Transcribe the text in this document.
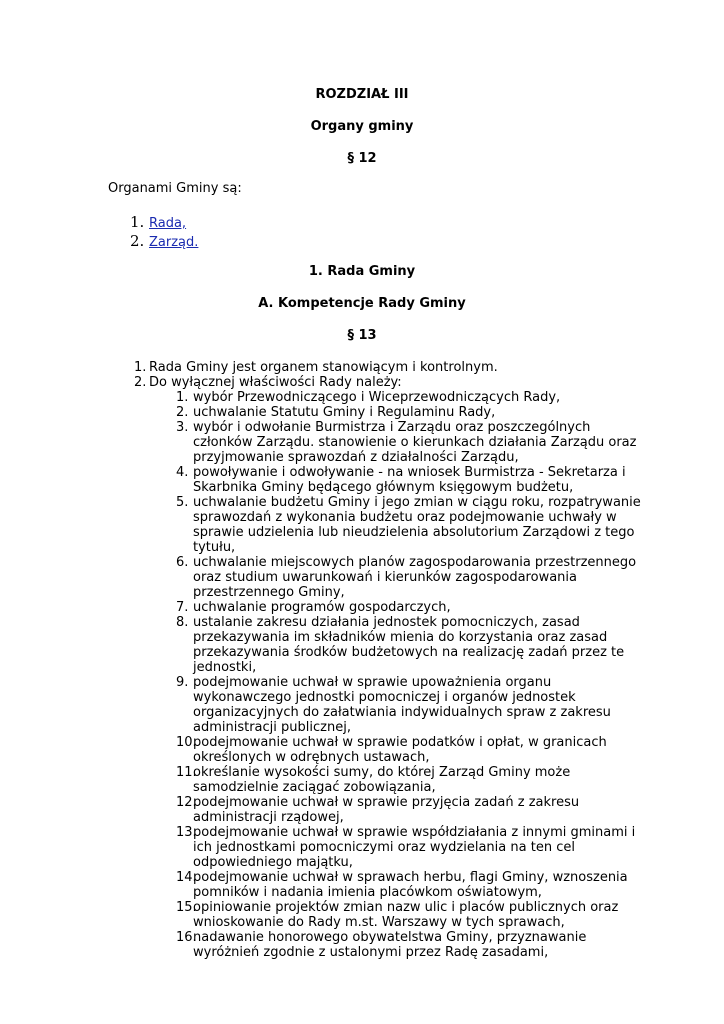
ROZDZIAŁ III

Organy gminy

§ 12

Organami Gminy są:

1. Rada,
2. Zarząd.

1. Rada Gminy

A. Kompetencje Rady Gminy

§ 13

1. Rada Gminy jest organem stanowiącym i kontrolnym.
2. Do wyłącznej właściwości Rady należy:
1. wybór Przewodniczącego i Wiceprzewodniczących Rady,
2. uchwalanie Statutu Gminy i Regulaminu Rady,
3. wybór i odwołanie Burmistrza i Zarządu oraz poszczególnych
członków Zarządu. stanowienie o kierunkach działania Zarządu oraz
przyjmowanie sprawozdań z działalności Zarządu,
4. powoływanie i odwoływanie - na wniosek Burmistrza - Sekretarza i
Skarbnika Gminy będącego głównym księgowym budżetu,
5. uchwalanie budżetu Gminy i jego zmian w ciągu roku, rozpatrywanie
sprawozdań z wykonania budżetu oraz podejmowanie uchwały w
sprawie udzielenia lub nieudzielenia absolutorium Zarządowi z tego
tytułu,
6. uchwalanie miejscowych planów zagospodarowania przestrzennego
oraz studium uwarunkowań i kierunków zagospodarowania
przestrzennego Gminy,
7. uchwalanie programów gospodarczych,
8. ustalanie zakresu działania jednostek pomocniczych, zasad
przekazywania im składników mienia do korzystania oraz zasad
przekazywania środków budżetowych na realizację zadań przez te
jednostki,
9. podejmowanie uchwał w sprawie upoważnienia organu
wykonawczego jednostki pomocniczej i organów jednostek
organizacyjnych do załatwiania indywidualnych spraw z zakresu
administracji publicznej,
10.
podejmowanie uchwał w sprawie podatków i opłat, w granicach
określonych w odrębnych ustawach,
11.
określanie wysokości sumy, do której Zarząd Gminy może
samodzielnie zaciągać zobowiązania,
12.
podejmowanie uchwał w sprawie przyjęcia zadań z zakresu
administracji rządowej,
13.
podejmowanie uchwał w sprawie współdziałania z innymi gminami i
ich jednostkami pomocniczymi oraz wydzielania na ten cel
odpowiedniego majątku,
14.
podejmowanie uchwał w sprawach herbu, flagi Gminy, wznoszenia
pomników i nadania imienia placówkom oświatowym,
15.
opiniowanie projektów zmian nazw ulic i placów publicznych oraz
wnioskowanie do Rady m.st. Warszawy w tych sprawach,
16.
nadawanie honorowego obywatelstwa Gminy, przyznawanie
wyróżnień zgodnie z ustalonymi przez Radę zasadami,
